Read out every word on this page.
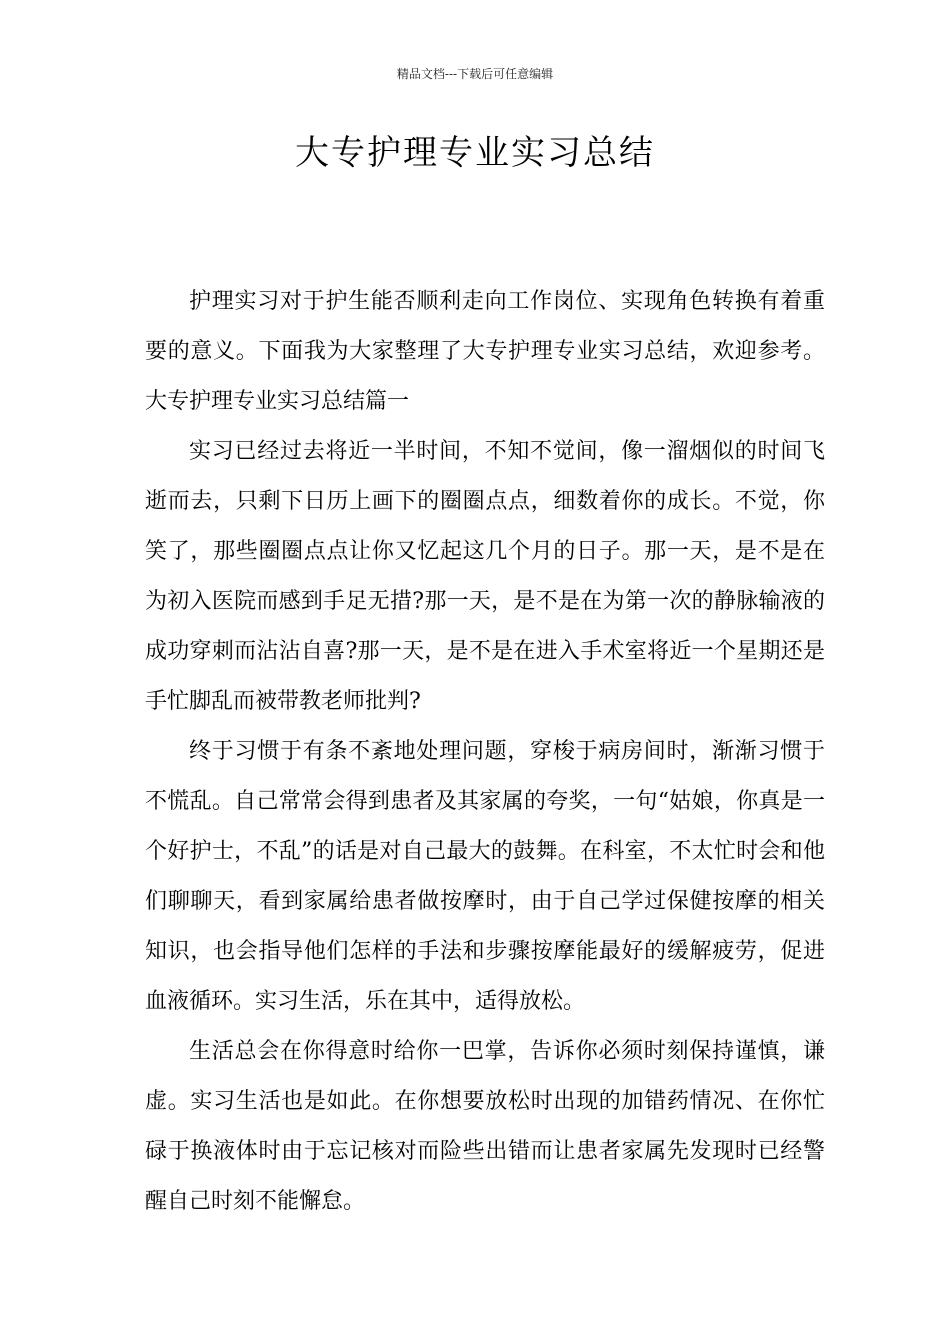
精品文档---下载后可任意编辑
大专护理专业实习总结

护理实习对于护生能否顺利走向工作岗位、实现角色转换有着重要的意义。下面我为大家整理了大专护理专业实习总结，欢迎参考。大专护理专业实习总结篇一

实习已经过去将近一半时间，不知不觉间，像一溜烟似的时间飞逝而去，只剩下日历上画下的圈圈点点，细数着你的成长。不觉，你笑了，那些圈圈点点让你又忆起这几个月的日子。那一天，是不是在为初入医院而感到手足无措?那一天，是不是在为第一次的静脉输液的成功穿刺而沾沾自喜?那一天，是不是在进入手术室将近一个星期还是手忙脚乱而被带教老师批判?

终于习惯于有条不紊地处理问题，穿梭于病房间时，渐渐习惯于不慌乱。自己常常会得到患者及其家属的夸奖，一句“姑娘，你真是一个好护士，不乱”的话是对自己最大的鼓舞。在科室，不太忙时会和他们聊聊天，看到家属给患者做按摩时，由于自己学过保健按摩的相关知识，也会指导他们怎样的手法和步骤按摩能最好的缓解疲劳，促进血液循环。实习生活，乐在其中，适得放松。

生活总会在你得意时给你一巴掌，告诉你必须时刻保持谨慎，谦虚。实习生活也是如此。在你想要放松时出现的加错药情况、在你忙碌于换液体时由于忘记核对而险些出错而让患者家属先发现时已经警醒自己时刻不能懈怠。
